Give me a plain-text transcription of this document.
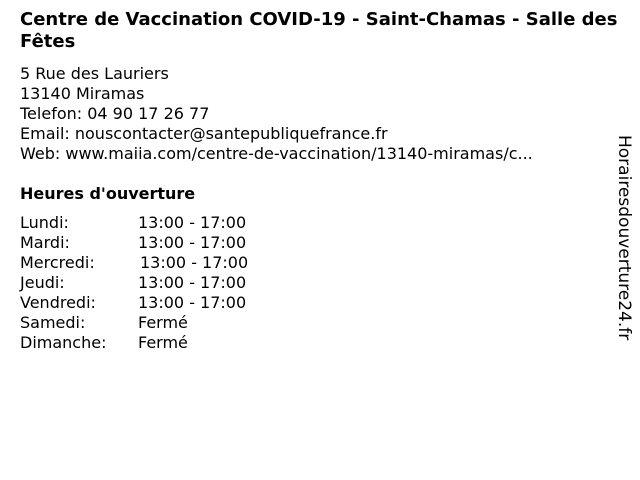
Centre de Vaccination COVID-19 - Saint-Chamas - Salle des Fêtes
5 Rue des Lauriers
13140 Miramas
Telefon: 04 90 17 26 77
Email: nouscontacter@santepubliquefrance.fr
Web: www.maiia.com/centre-de-vaccination/13140-miramas/c...
Heures d'ouverture
Lundi:	13:00 - 17:00
Mardi:	13:00 - 17:00
Mercredi:	13:00 - 17:00
Jeudi:	13:00 - 17:00
Vendredi:	13:00 - 17:00
Samedi:	Fermé
Dimanche: Fermé
Horairesdouverture24.fr
